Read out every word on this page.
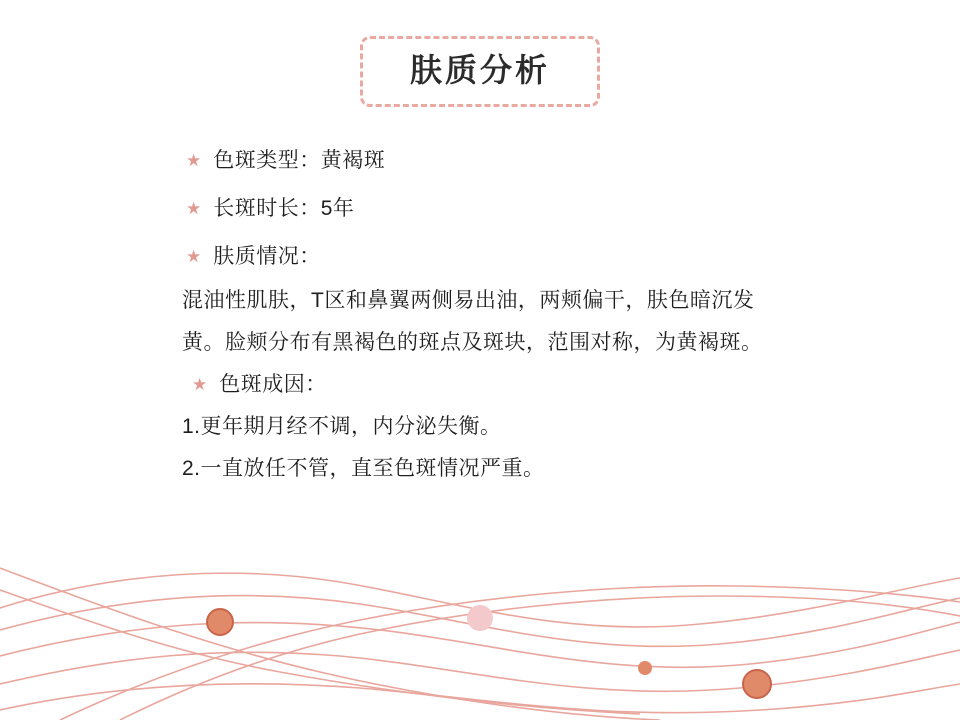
肤质分析
★ 色斑类型：黄褐斑
★ 长斑时长：5年
★ 肤质情况：
混油性肌肤，T区和鼻翼两侧易出油，两颊偏干，肤色暗沉发黄。脸颊分布有黑褐色的斑点及斑块，范围对称，为黄褐斑。
★ 色斑成因：
1.更年期月经不调，内分泌失衡。
2.一直放任不管，直至色斑情况严重。
